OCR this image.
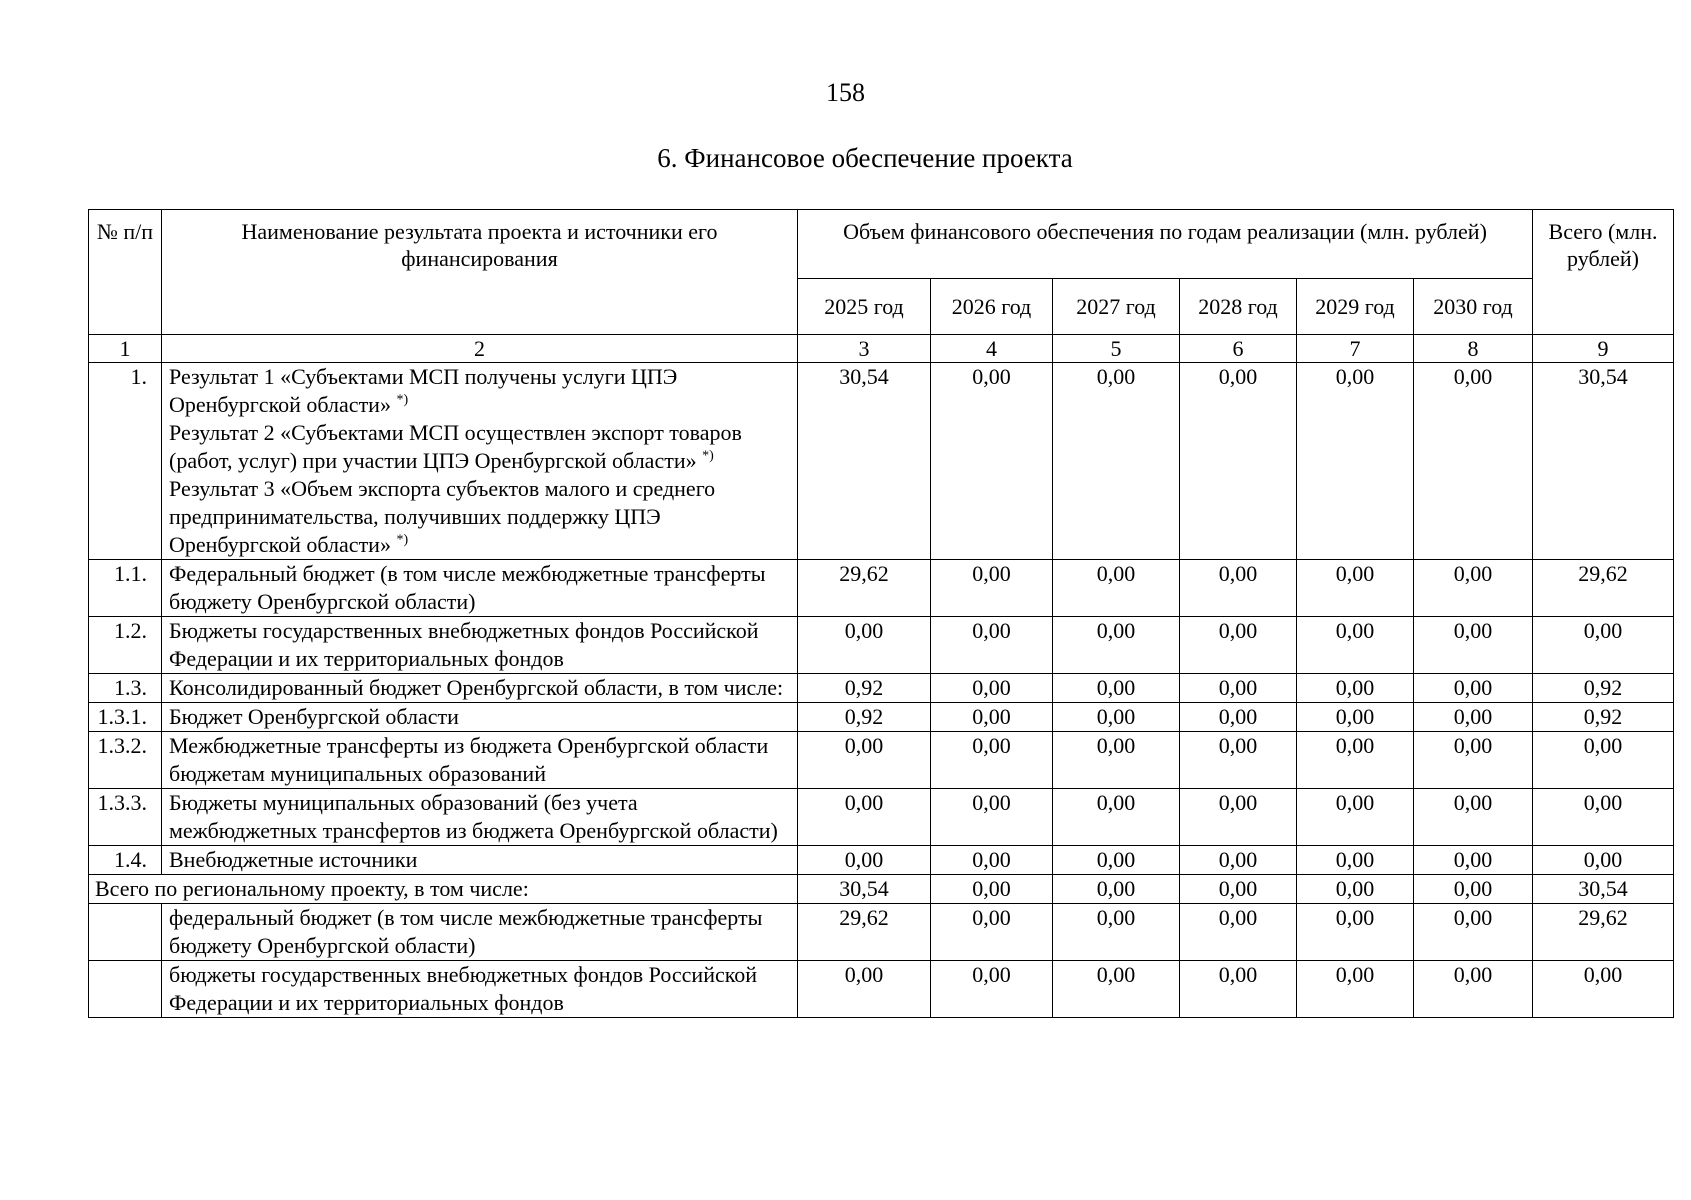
158
6. Финансовое обеспечение проекта
№ п/п	Наименование результата проекта и источники его финансирования	Объем финансового обеспечения по годам реализации (млн. рублей)						Всего (млн. рублей)
		2025 год	2026 год	2027 год	2028 год	2029 год	2030 год	
1	2	3	4	5	6	7	8	9
1.	Результат 1 «Субъектами МСП получены услуги ЦПЭ Оренбургской области» *)
Результат 2 «Субъектами МСП осуществлен экспорт товаров (работ, услуг) при участии ЦПЭ Оренбургской области» *)
Результат 3 «Объем экспорта субъектов малого и среднего предпринимательства, получивших поддержку ЦПЭ Оренбургской области» *)	30,54	0,00	0,00	0,00	0,00	0,00	30,54
1.1.	Федеральный бюджет (в том числе межбюджетные трансферты бюджету Оренбургской области)	29,62	0,00	0,00	0,00	0,00	0,00	29,62
1.2.	Бюджеты государственных внебюджетных фондов Российской Федерации и их территориальных фондов	0,00	0,00	0,00	0,00	0,00	0,00	0,00
1.3.	Консолидированный бюджет Оренбургской области, в том числе:	0,92	0,00	0,00	0,00	0,00	0,00	0,92
1.3.1.	Бюджет Оренбургской области	0,92	0,00	0,00	0,00	0,00	0,00	0,92
1.3.2.	Межбюджетные трансферты из бюджета Оренбургской области бюджетам муниципальных образований	0,00	0,00	0,00	0,00	0,00	0,00	0,00
1.3.3.	Бюджеты муниципальных образований (без учета межбюджетных трансфертов из бюджета Оренбургской области)	0,00	0,00	0,00	0,00	0,00	0,00	0,00
1.4.	Внебюджетные источники	0,00	0,00	0,00	0,00	0,00	0,00	0,00
Всего по региональному проекту, в том числе:		30,54	0,00	0,00	0,00	0,00	0,00	30,54
	федеральный бюджет (в том числе межбюджетные трансферты бюджету Оренбургской области)	29,62	0,00	0,00	0,00	0,00	0,00	29,62
	бюджеты государственных внебюджетных фондов Российской Федерации и их территориальных фондов	0,00	0,00	0,00	0,00	0,00	0,00	0,00
